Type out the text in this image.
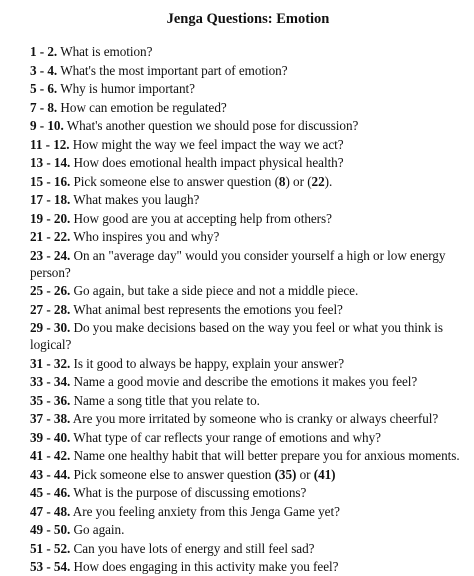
Jenga Questions: Emotion
1 - 2. What is emotion?
3 - 4. What's the most important part of emotion?
5 - 6. Why is humor important?
7 - 8. How can emotion be regulated?
9 - 10. What's another question we should pose for discussion?
11 - 12. How might the way we feel impact the way we act?
13 - 14. How does emotional health impact physical health?
15 - 16. Pick someone else to answer question (8) or (22).
17 - 18. What makes you laugh?
19 - 20. How good are you at accepting help from others?
21 - 22. Who inspires you and why?
23 - 24. On an "average day" would you consider yourself a high or low energy person?
25 - 26. Go again, but take a side piece and not a middle piece.
27 - 28. What animal best represents the emotions you feel?
29 - 30. Do you make decisions based on the way you feel or what you think is logical?
31 - 32. Is it good to always be happy, explain your answer?
33 - 34. Name a good movie and describe the emotions it makes you feel?
35 - 36. Name a song title that you relate to.
37 - 38. Are you more irritated by someone who is cranky or always cheerful?
39 - 40. What type of car reflects your range of emotions and why?
41 - 42. Name one healthy habit that will better prepare you for anxious moments.
43 - 44. Pick someone else to answer question (35) or (41)
45 - 46. What is the purpose of discussing emotions?
47 - 48. Are you feeling anxiety from this Jenga Game yet?
49 - 50. Go again.
51 - 52. Can you have lots of energy and still feel sad?
53 - 54. How does engaging in this activity make you feel?
